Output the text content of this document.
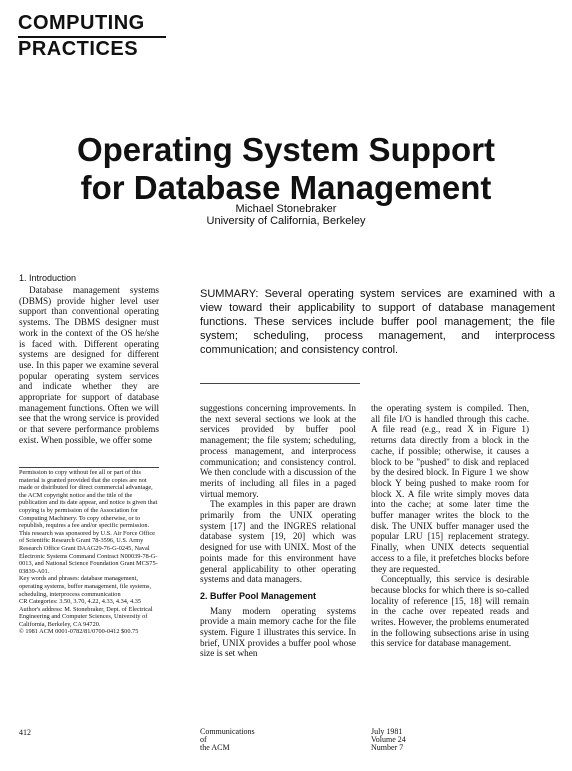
COMPUTING
PRACTICES
Operating System Support
for Database Management
Michael Stonebraker
University of California, Berkeley
1. Introduction

Database management systems (DBMS) provide higher level user support than conventional operating systems. The DBMS designer must work in the context of the OS he/she is faced with. Different operating systems are designed for different use. In this paper we examine several popular operating system services and indicate whether they are appropriate for support of database management functions. Often we will see that the wrong service is provided or that severe performance problems exist. When possible, we offer some

Permission to copy without fee all or part of this material is granted provided that the copies are not made or distributed for direct commercial advantage, the ACM copyright notice and the title of the publication and its date appear, and notice is given that copying is by permission of the Association for Computing Machinery. To copy otherwise, or to republish, requires a fee and/or specific permission.
This research was sponsored by U.S. Air Force Office of Scientific Research Grant 78-3596, U.S. Army Research Office Grant DAAG29-76-G-0245, Naval Electronic Systems Command Contract N00039-78-G-0013, and National Science Foundation Grant MCS75-03839-A01.
Key words and phrases: database management, operating systems, buffer management, file systems, scheduling, interprocess communication
CR Categories: 3.50, 3.70, 4.22, 4.33, 4.34, 4.35
Author's address: M. Stonebraker, Dept. of Electrical Engineering and Computer Sciences, University of California, Berkeley, CA 94720.
© 1981 ACM 0001-0782/81/0700-0412 $00.75
SUMMARY: Several operating system services are examined with a view toward their applicability to support of database management functions. These services include buffer pool management; the file system; scheduling, process management, and interprocess communication; and consistency control.

suggestions concerning improvements. In the next several sections we look at the services provided by buffer pool management; the file system; scheduling, process management, and interprocess communication; and consistency control. We then conclude with a discussion of the merits of including all files in a paged virtual memory.

The examples in this paper are drawn primarily from the UNIX operating system [17] and the INGRES relational database system [19, 20] which was designed for use with UNIX. Most of the points made for this environment have general applicability to other operating systems and data managers.

2. Buffer Pool Management

Many modern operating systems provide a main memory cache for the file system. Figure 1 illustrates this service. In brief, UNIX provides a buffer pool whose size is set when

the operating system is compiled. Then, all file I/O is handled through this cache. A file read (e.g., read X in Figure 1) returns data directly from a block in the cache, if possible; otherwise, it causes a block to be "pushed" to disk and replaced by the desired block. In Figure 1 we show block Y being pushed to make room for block X. A file write simply moves data into the cache; at some later time the buffer manager writes the block to the disk. The UNIX buffer manager used the popular LRU [15] replacement strategy. Finally, when UNIX detects sequential access to a file, it prefetches blocks before they are requested.

Conceptually, this service is desirable because blocks for which there is so-called locality of reference [15, 18] will remain in the cache over repeated reads and writes. However, the problems enumerated in the following subsections arise in using this service for database management.

412	Communications
of
the ACM
July 1981
Volume 24
Number 7
